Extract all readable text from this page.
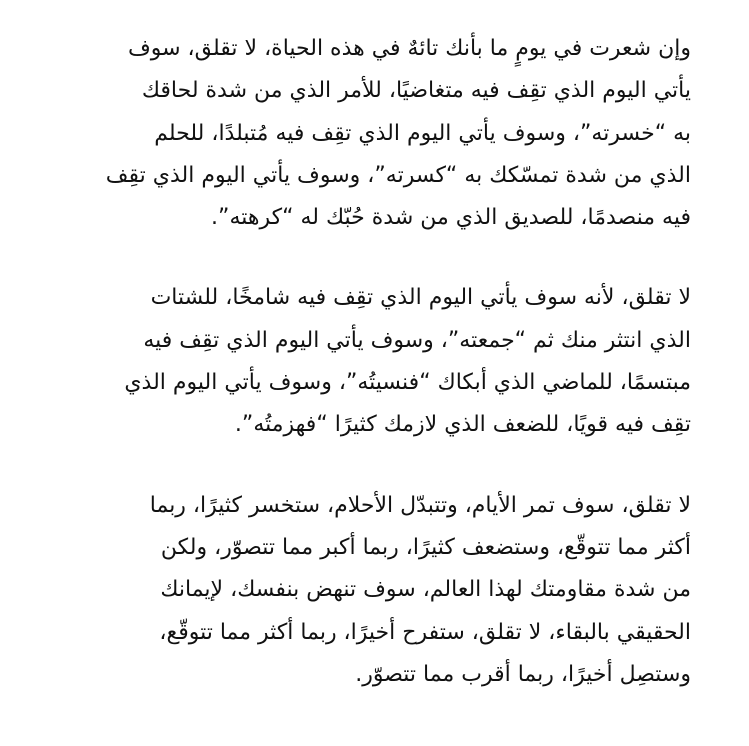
وإن شعرت في يومٍ ما بأنك تائهٌ في هذه الحياة، لا تقلق، سوف
يأتي اليوم الذي تقِف فيه متغاضيًا، للأمر الذي من شدة لحاقك
به “خسرته”، وسوف يأتي اليوم الذي تقِف فيه مُتبلدًا، للحلم
الذي من شدة تمسّكك به “كسرته”، وسوف يأتي اليوم الذي تقِف
فيه منصدمًا، للصديق الذي من شدة حُبّك له “كرهته”.

لا تقلق، لأنه سوف يأتي اليوم الذي تقِف فيه شامخًا، للشتات
الذي انتثر منك ثم “جمعته”، وسوف يأتي اليوم الذي تقِف فيه
مبتسمًا، للماضي الذي أبكاك “فنسيتُه”، وسوف يأتي اليوم الذي
تقِف فيه قويًا، للضعف الذي لازمك كثيرًا “فهزمتُه”.

لا تقلق، سوف تمر الأيام، وتتبدّل الأحلام، ستخسر كثيرًا، ربما
أكثر مما تتوقّع، وستضعف كثيرًا، ربما أكبر مما تتصوّر، ولكن
من شدة مقاومتك لهذا العالم، سوف تنهض بنفسك، لإيمانك
الحقيقي بالبقاء، لا تقلق، ستفرح أخيرًا، ربما أكثر مما تتوقّع،
وستصِل أخيرًا، ربما أقرب مما تتصوّر.
